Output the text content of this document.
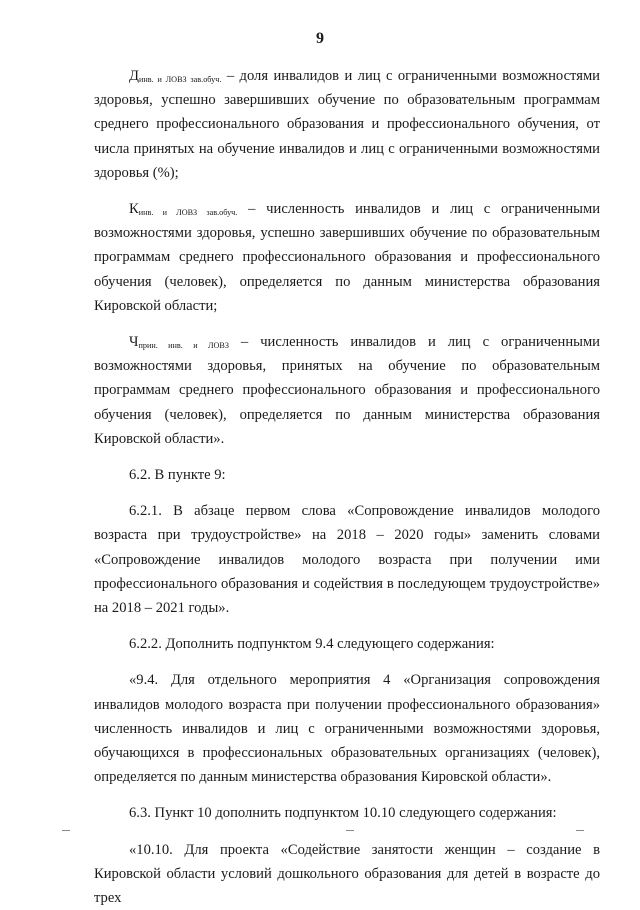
9

$Д_{инв. и ЛОВЗ зав.обуч.}$ – доля инвалидов и лиц с ограниченными возможностями здоровья, успешно завершивших обучение по образовательным программам среднего профессионального образования и профессионального обучения, от числа принятых на обучение инвалидов и лиц с ограниченными возможностями здоровья (%);

$К_{инв. и ЛОВЗ зав.обуч.}$ – численность инвалидов и лиц с ограниченными возможностями здоровья, успешно завершивших обучение по образовательным программам среднего профессионального образования и профессионального обучения (человек), определяется по данным министерства образования Кировской области;

$Ч_{прин. инв. и ЛОВЗ}$ – численность инвалидов и лиц с ограниченными возможностями здоровья, принятых на обучение по образовательным программам среднего профессионального образования и профессионального обучения (человек), определяется по данным министерства образования Кировской области».

6.2. В пункте 9:

6.2.1. В абзаце первом слова «Сопровождение инвалидов молодого возраста при трудоустройстве» на 2018 – 2020 годы» заменить словами «Сопровождение инвалидов молодого возраста при получении ими профессионального образования и содействия в последующем трудоустройстве» на 2018 – 2021 годы».

6.2.2. Дополнить подпунктом 9.4 следующего содержания:

«9.4. Для отдельного мероприятия 4 «Организация сопровождения инвалидов молодого возраста при получении профессионального образования» численность инвалидов и лиц с ограниченными возможностями здоровья, обучающихся в профессиональных образовательных организациях (человек), определяется по данным министерства образования Кировской области».

6.3. Пункт 10 дополнить подпунктом 10.10 следующего содержания:

«10.10. Для проекта «Содействие занятости женщин – создание в Кировской области условий дошкольного образования для детей в возрасте до трех
